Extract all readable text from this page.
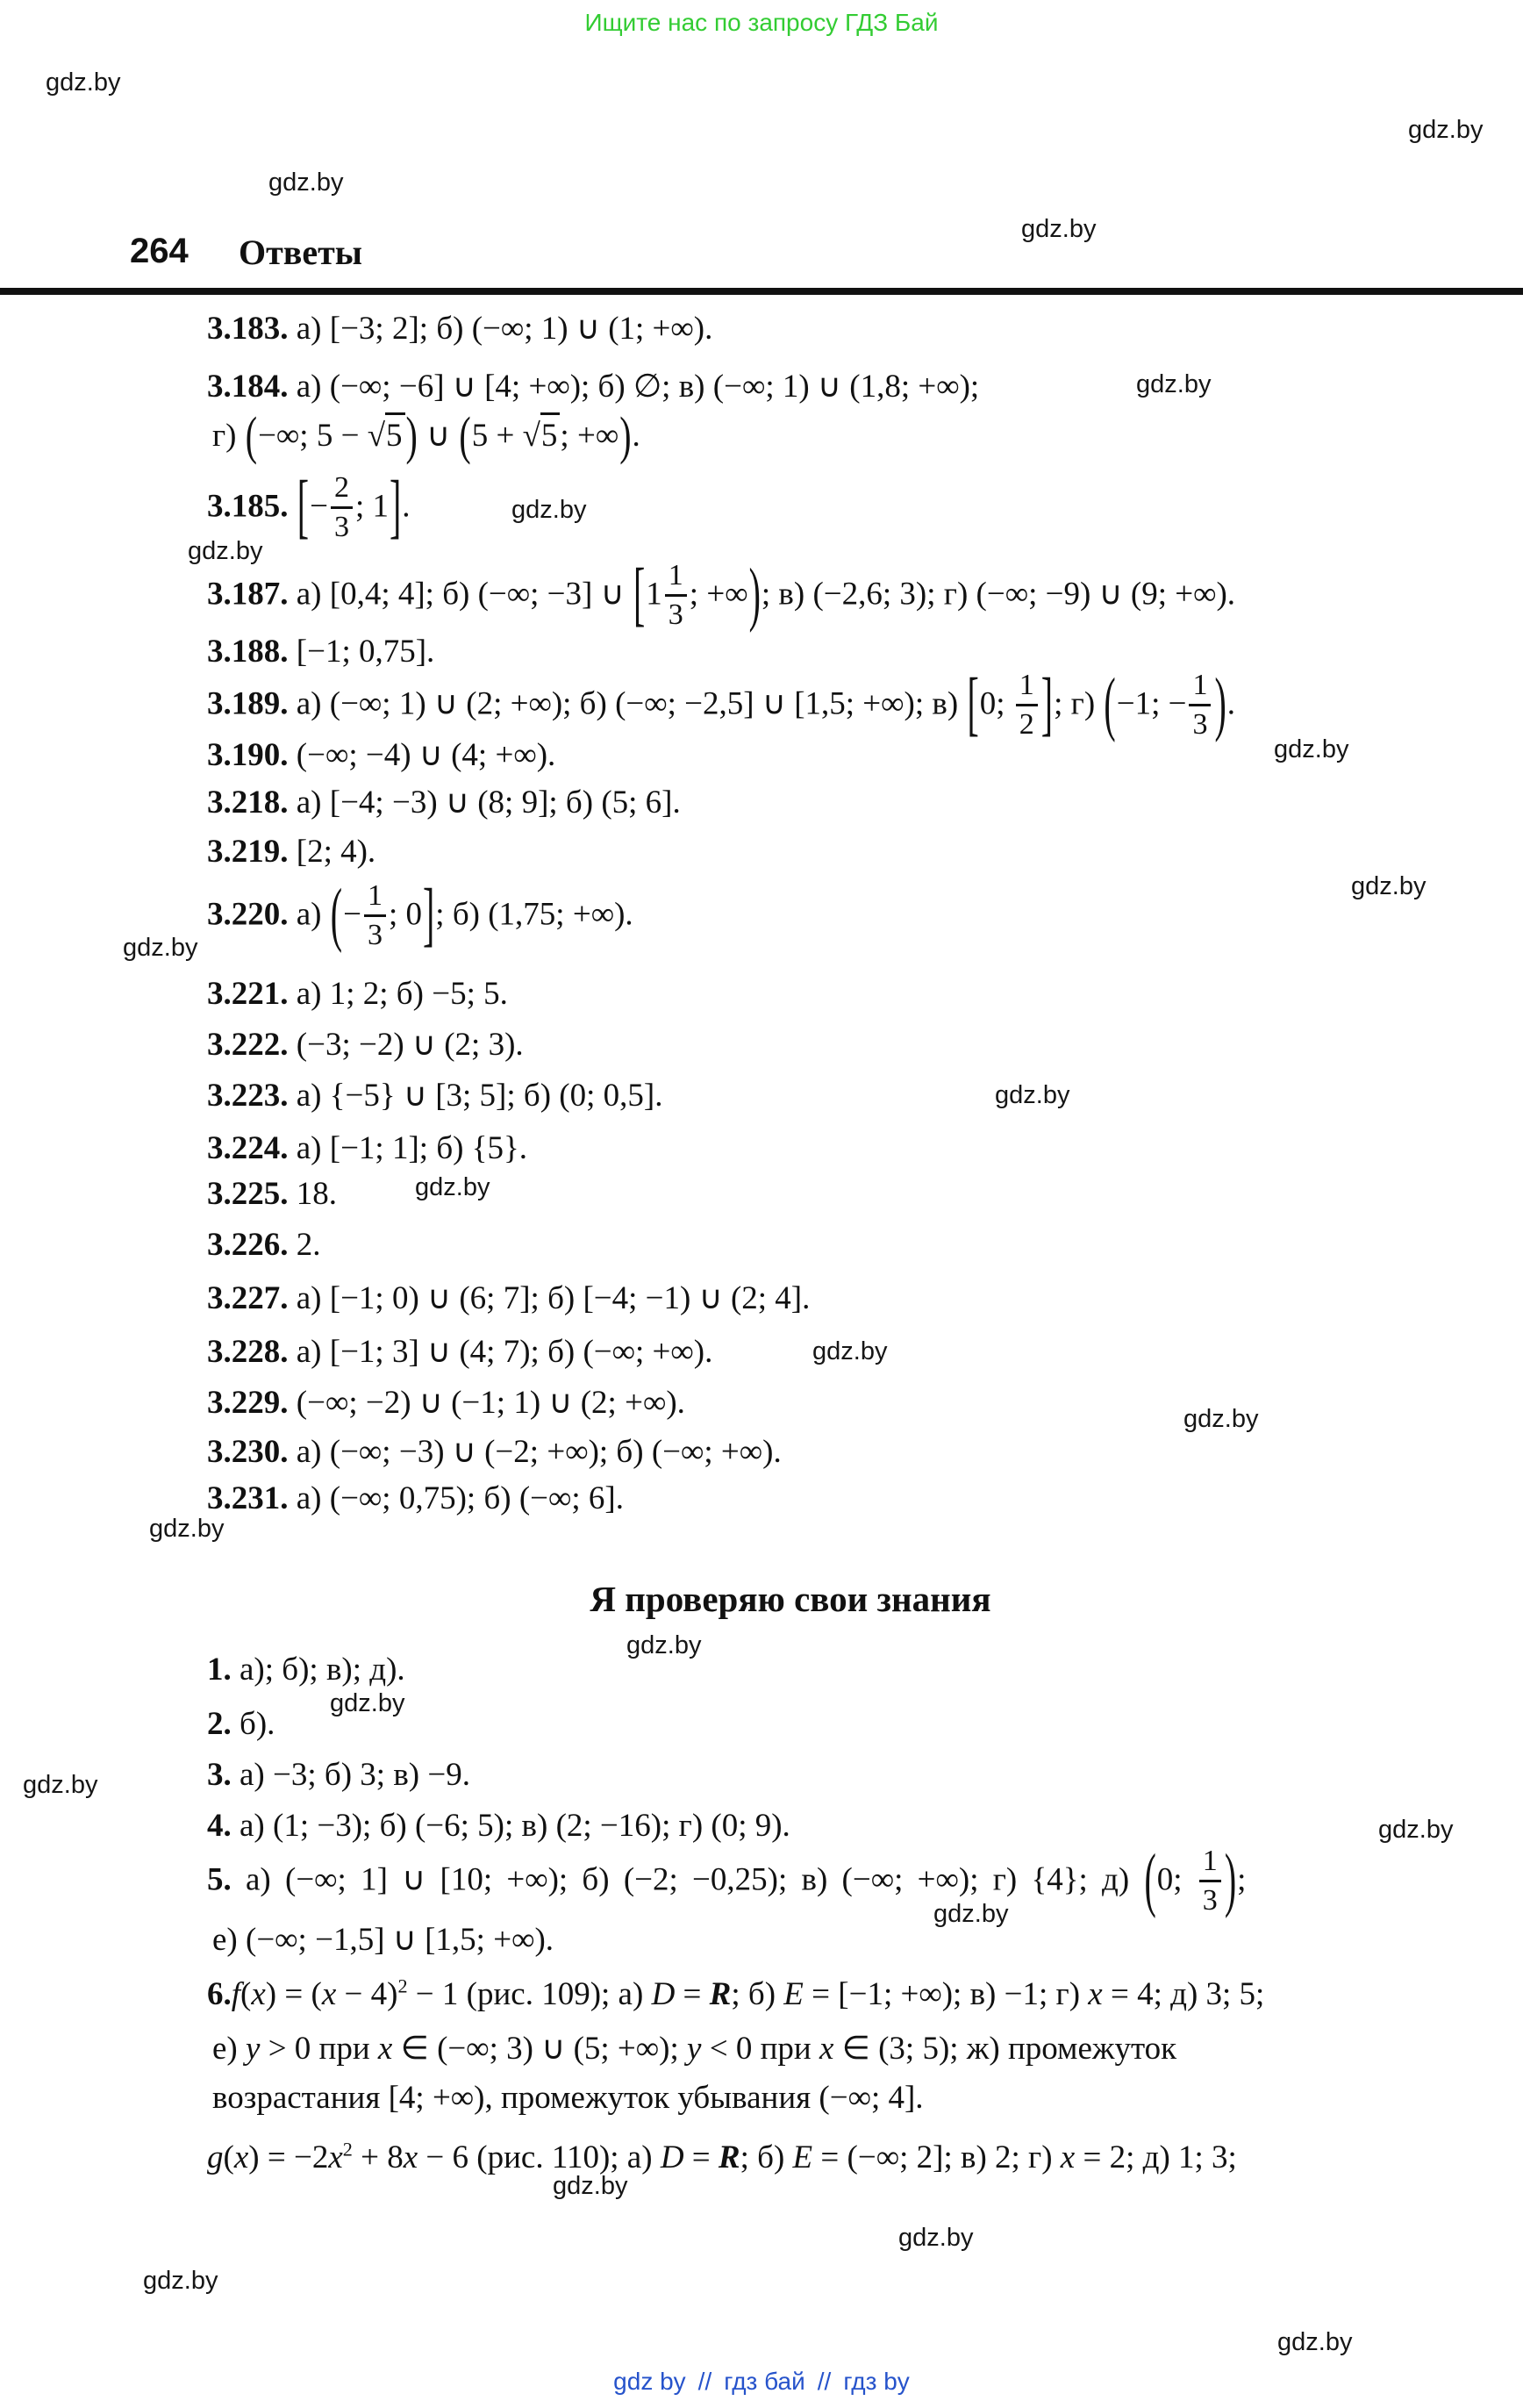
Ищите нас по запросу ГДЗ Бай
gdz.by
gdz.by
gdz.by
gdz.by
gdz.by
gdz.by
gdz.by
gdz.by
gdz.by
gdz.by
gdz.by
gdz.by
gdz.by
gdz.by
gdz.by
gdz.by
gdz.by
gdz.by
gdz.by
gdz.by
gdz.by
gdz.by
gdz.by
gdz.by
264 Ответы
3.183. а) [−3; 2]; б) (−∞; 1) ∪ (1; +∞).
3.184. а) (−∞; −6] ∪ [4; +∞); б) ∅; в) (−∞; 1) ∪ (1,8; +∞);
г) (−∞; 5 − √5 ) ∪ (5 + √5; +∞).
3.185. [− $\frac{2}{3}$ ; 1].
3.187. а) [0,4; 4]; б) (−∞; −3] ∪ [$1 \frac{1}{3}$ ; +∞); в) (−2,6; 3); г) (−∞; −9) ∪ (9; +∞).
3.188. [−1; 0,75].
3.189. а) (−∞; 1) ∪ (2; +∞); б) (−∞; −2,5] ∪ [1,5; +∞); в) [0; $\frac{1}{2}$ ]; г) (−1; − $\frac{1}{3}$ ).
3.190. (−∞; −4) ∪ (4; +∞).
3.218. а) [−4; −3) ∪ (8; 9]; б) (5; 6].
3.219. [2; 4).
3.220. а) (− $\frac{1}{3}$ ; 0]; б) (1,75; +∞).
3.221. а) 1; 2; б) −5; 5.
3.222. (−3; −2) ∪ (2; 3).
3.223. а) {−5} ∪ [3; 5]; б) (0; 0,5].
3.224. а) [−1; 1]; б) {5}.
3.225. 18.
3.226. 2.
3.227. а) [−1; 0) ∪ (6; 7]; б) [−4; −1) ∪ (2; 4].
3.228. а) [−1; 3] ∪ (4; 7); б) (−∞; +∞).
3.229. (−∞; −2) ∪ (−1; 1) ∪ (2; +∞).
3.230. а) (−∞; −3) ∪ (−2; +∞); б) (−∞; +∞).
3.231. а) (−∞; 0,75); б) (−∞; 6].
Я проверяю свои знания
1. а); б); в); д).
2. б).
3. а) −3; б) 3; в) −9.
4. а) (1; −3); б) (−6; 5); в) (2; −16); г) (0; 9).
5. а) (−∞; 1] ∪ [10; +∞); б) (−2; −0,25); в) (−∞; +∞); г) {4}; д) (0; $\frac{1}{3}$ );
е) (−∞; −1,5] ∪ [1,5; +∞).
$6.f(x) = (x - 4)^2 - 1$ (рис. 109); а) D = R; б) E = [−1; +∞); в) −1; г) x = 4; д) 3; 5;
е) y > 0 при x ∈ (−∞; 3) ∪ (5; +∞); y < 0 при x ∈ (3; 5); ж) промежуток
возрастания [4; +∞), промежуток убывания (−∞; 4].
$g(x) = -2x^2 + 8x - 6$ (рис. 110); а) D = R; б) E = (−∞; 2]; в) 2; г) x = 2; д) 1; 3;
gdz by // гдз бай // гдз by
